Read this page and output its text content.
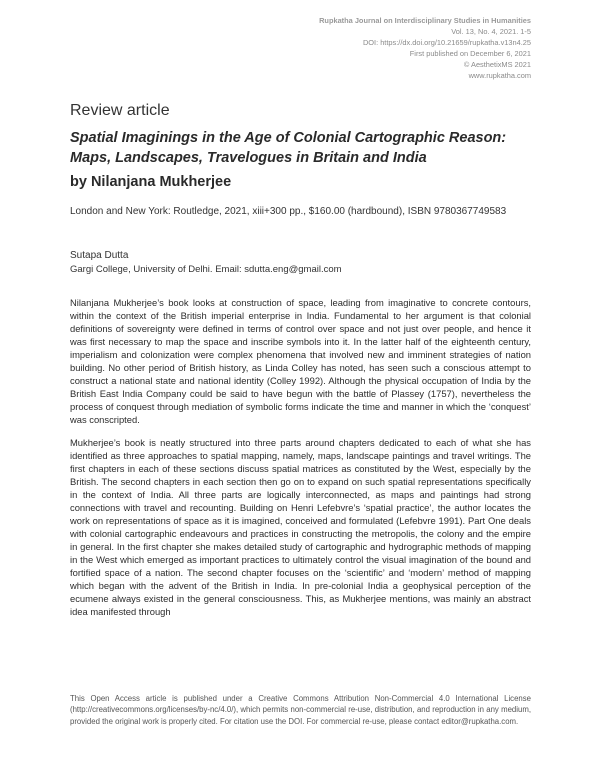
Rupkatha Journal on Interdisciplinary Studies in Humanities
Vol. 13, No. 4, 2021. 1-5
DOI: https://dx.doi.org/10.21659/rupkatha.v13n4.25
First published on December 6, 2021
© AesthetixMS 2021
www.rupkatha.com
Review article
Spatial Imaginings in the Age of Colonial Cartographic Reason: Maps, Landscapes, Travelogues in Britain and India
by Nilanjana Mukherjee
London and New York: Routledge, 2021, xiii+300 pp., $160.00 (hardbound), ISBN 9780367749583
Sutapa Dutta
Gargi College, University of Delhi. Email: sdutta.eng@gmail.com

Nilanjana Mukherjee’s book looks at construction of space, leading from imaginative to concrete contours, within the context of the British imperial enterprise in India. Fundamental to her argument is that colonial definitions of sovereignty were defined in terms of control over space and not just over people, and hence it was first necessary to map the space and inscribe symbols into it. In the latter half of the eighteenth century, imperialism and colonization were complex phenomena that involved new and imminent strategies of nation building. No other period of British history, as Linda Colley has noted, has seen such a conscious attempt to construct a national state and national identity (Colley 1992). Although the physical occupation of India by the British East India Company could be said to have begun with the battle of Plassey (1757), nevertheless the process of conquest through mediation of symbolic forms indicate the time and manner in which the ‘conquest’ was conscripted.

Mukherjee’s book is neatly structured into three parts around chapters dedicated to each of what she has identified as three approaches to spatial mapping, namely, maps, landscape paintings and travel writings. The first chapters in each of these sections discuss spatial matrices as constituted by the West, especially by the British. The second chapters in each section then go on to expand on such spatial representations specifically in the context of India. All three parts are logically interconnected, as maps and paintings had strong connections with travel and recounting. Building on Henri Lefebvre’s ‘spatial practice’, the author locates the work on representations of space as it is imagined, conceived and formulated (Lefebvre 1991). Part One deals with colonial cartographic endeavours and practices in constructing the metropolis, the colony and the empire in general. In the first chapter she makes detailed study of cartographic and hydrographic methods of mapping in the West which emerged as important practices to ultimately control the visual imagination of the bound and fortified space of a nation. The second chapter focuses on the ‘scientific’ and ‘modern’ method of mapping which began with the advent of the British in India. In pre-colonial India a geophysical perception of the ecumene always existed in the general consciousness. This, as Mukherjee mentions, was mainly an abstract idea manifested through

This Open Access article is published under a Creative Commons Attribution Non-Commercial 4.0 International License (http://creativecommons.org/licenses/by-nc/4.0/), which permits non-commercial re-use, distribution, and reproduction in any medium, provided the original work is properly cited. For citation use the DOI. For commercial re-use, please contact editor@rupkatha.com.
